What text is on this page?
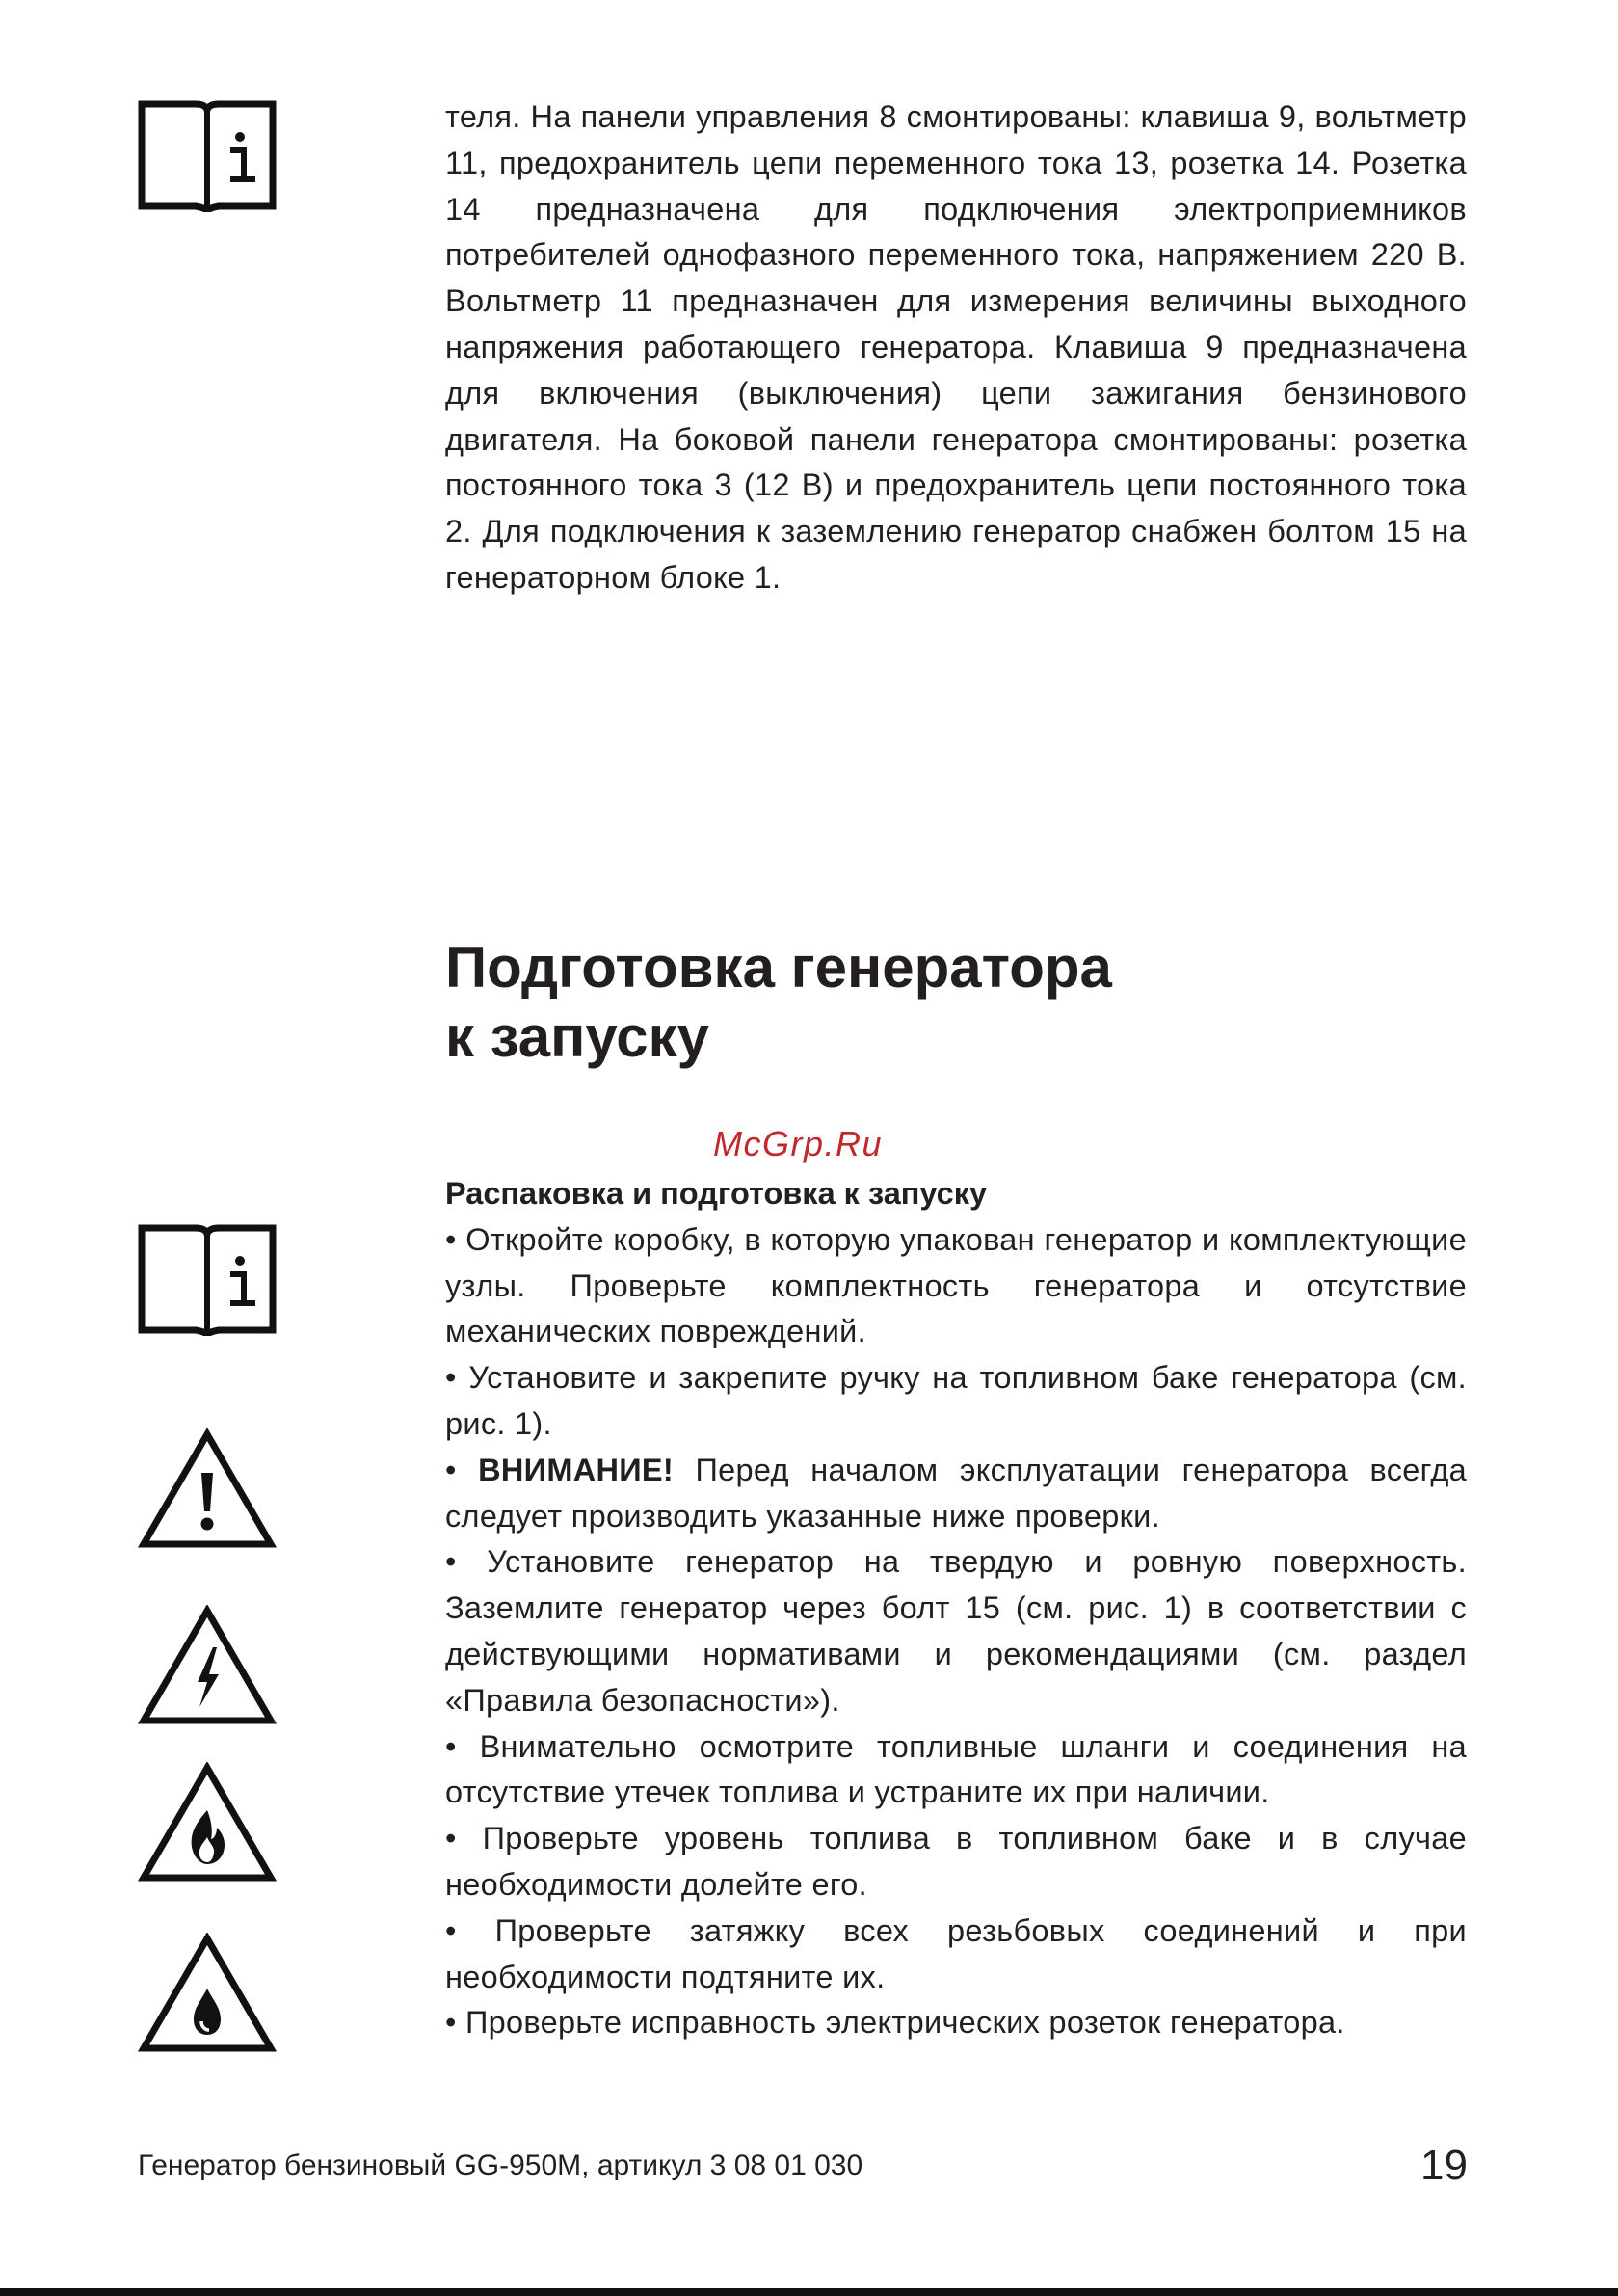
теля. На панели управления 8 смонтированы: клавиша 9, вольтметр 11, предохранитель цепи переменного тока 13, розетка 14. Розетка 14 предназначена для подключения электроприемников потребителей однофазного переменного тока, напряжением 220 В. Вольтметр 11 предназначен для измерения величины выходного напряжения работающего генератора. Клавиша 9 предназначена для включения (выключения) цепи зажигания бензинового двигателя. На боковой панели генератора смонтированы: розетка постоянного тока 3 (12 В) и предохранитель цепи постоянного тока 2. Для подключения к заземлению генератор снабжен болтом 15 на генераторном блоке 1.

Подготовка генератора
к запуску
McGrp.Ru

Распаковка и подготовка к запуску

• Откройте коробку, в которую упакован генератор и комплектующие узлы. Проверьте комплектность генератора и отсутствие механических повреждений.

• Установите и закрепите ручку на топливном баке генератора (см. рис. 1).

• ВНИМАНИЕ! Перед началом эксплуатации генератора всегда следует производить указанные ниже проверки.

• Установите генератор на твердую и ровную поверхность. Заземлите генератор через болт 15 (см. рис. 1) в соответствии с действующими нормативами и рекомендациями (см. раздел «Правила безопасности»).

• Внимательно осмотрите топливные шланги и соединения на отсутствие утечек топлива и устраните их при наличии.

• Проверьте уровень топлива в топливном баке и в случае необходимости долейте его.

• Проверьте затяжку всех резьбовых соединений и при необходимости подтяните их.

• Проверьте исправность электрических розеток генератора.

Генератор бензиновый GG-950M, артикул 3 08 01 030	19
